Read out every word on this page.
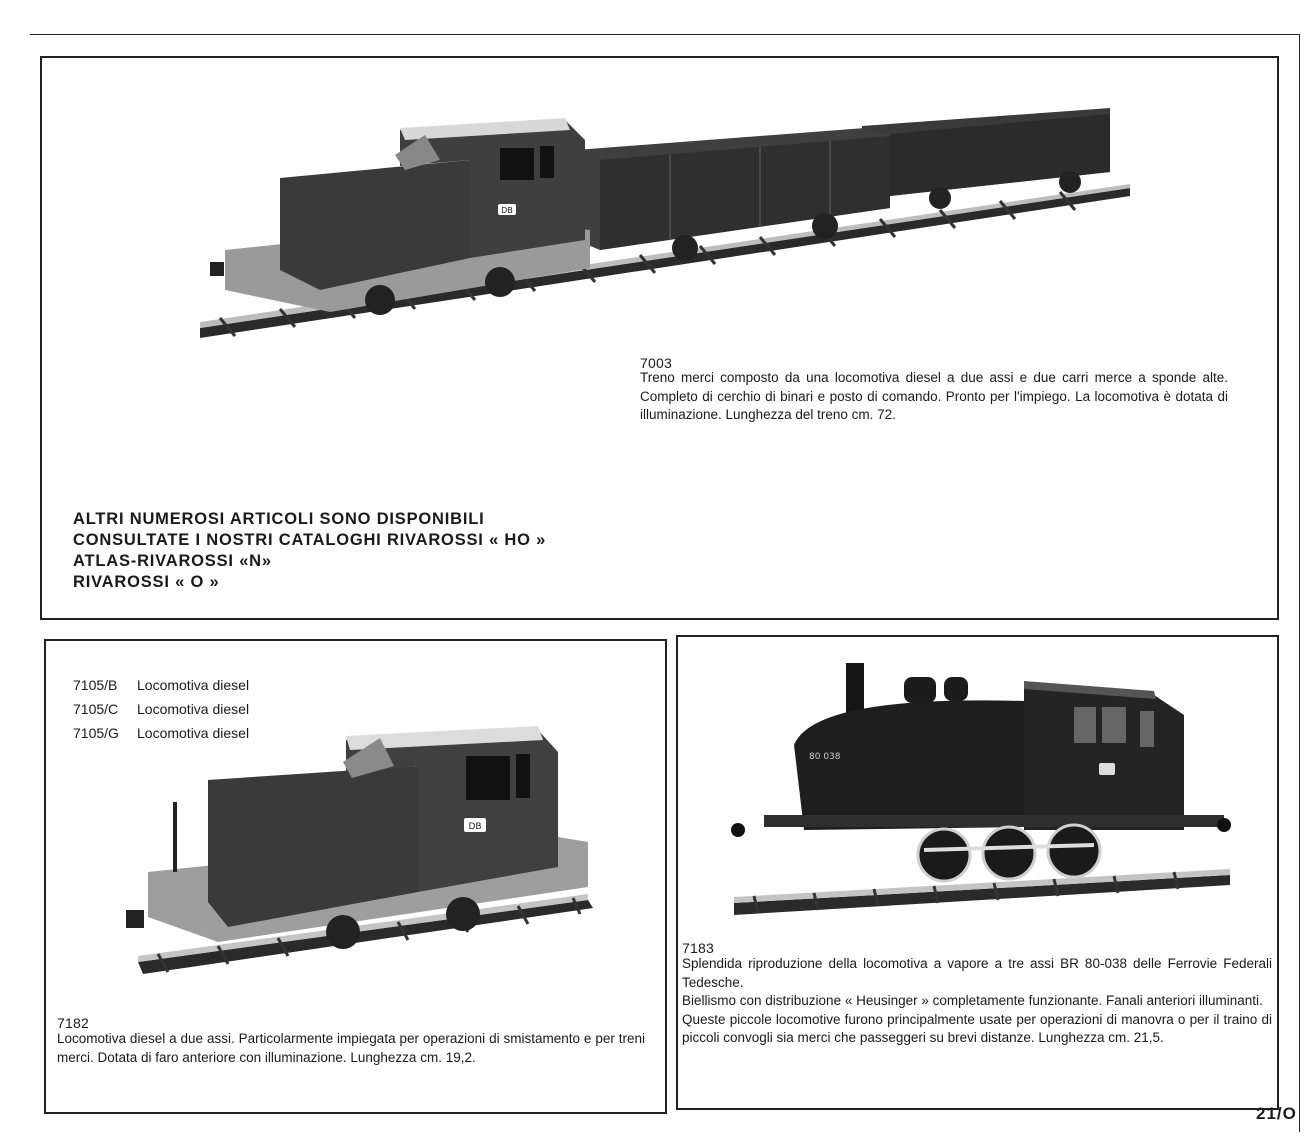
DB
7003

Treno merci composto da una locomotiva diesel a due assi e due carri merce a sponde alte. Completo di cerchio di binari e posto di comando. Pronto per l'impiego. La locomotiva è dotata di illuminazione. Lunghezza del treno cm. 72.

ALTRI NUMEROSI ARTICOLI SONO DISPONIBILI
CONSULTATE I NOSTRI CATALOGHI RIVAROSSI « HO »
ATLAS-RIVAROSSI «N»
RIVAROSSI « O »
7105/B Locomotiva diesel
7105/C Locomotiva diesel
7105/G Locomotiva diesel
DB
7182

Locomotiva diesel a due assi. Particolarmente impiegata per operazioni di smistamento e per treni merci. Dotata di faro anteriore con illuminazione. Lunghezza cm. 19,2.

80 038
7183

Splendida riproduzione della locomotiva a vapore a tre assi BR 80-038 delle Ferrovie Federali Tedesche.

Biellismo con distribuzione « Heusinger » completamente funzionante. Fanali anteriori illuminanti.

Queste piccole locomotive furono principalmente usate per operazioni di manovra o per il traino di piccoli convogli sia merci che passeggeri su brevi distanze. Lunghezza cm. 21,5.

21/O
